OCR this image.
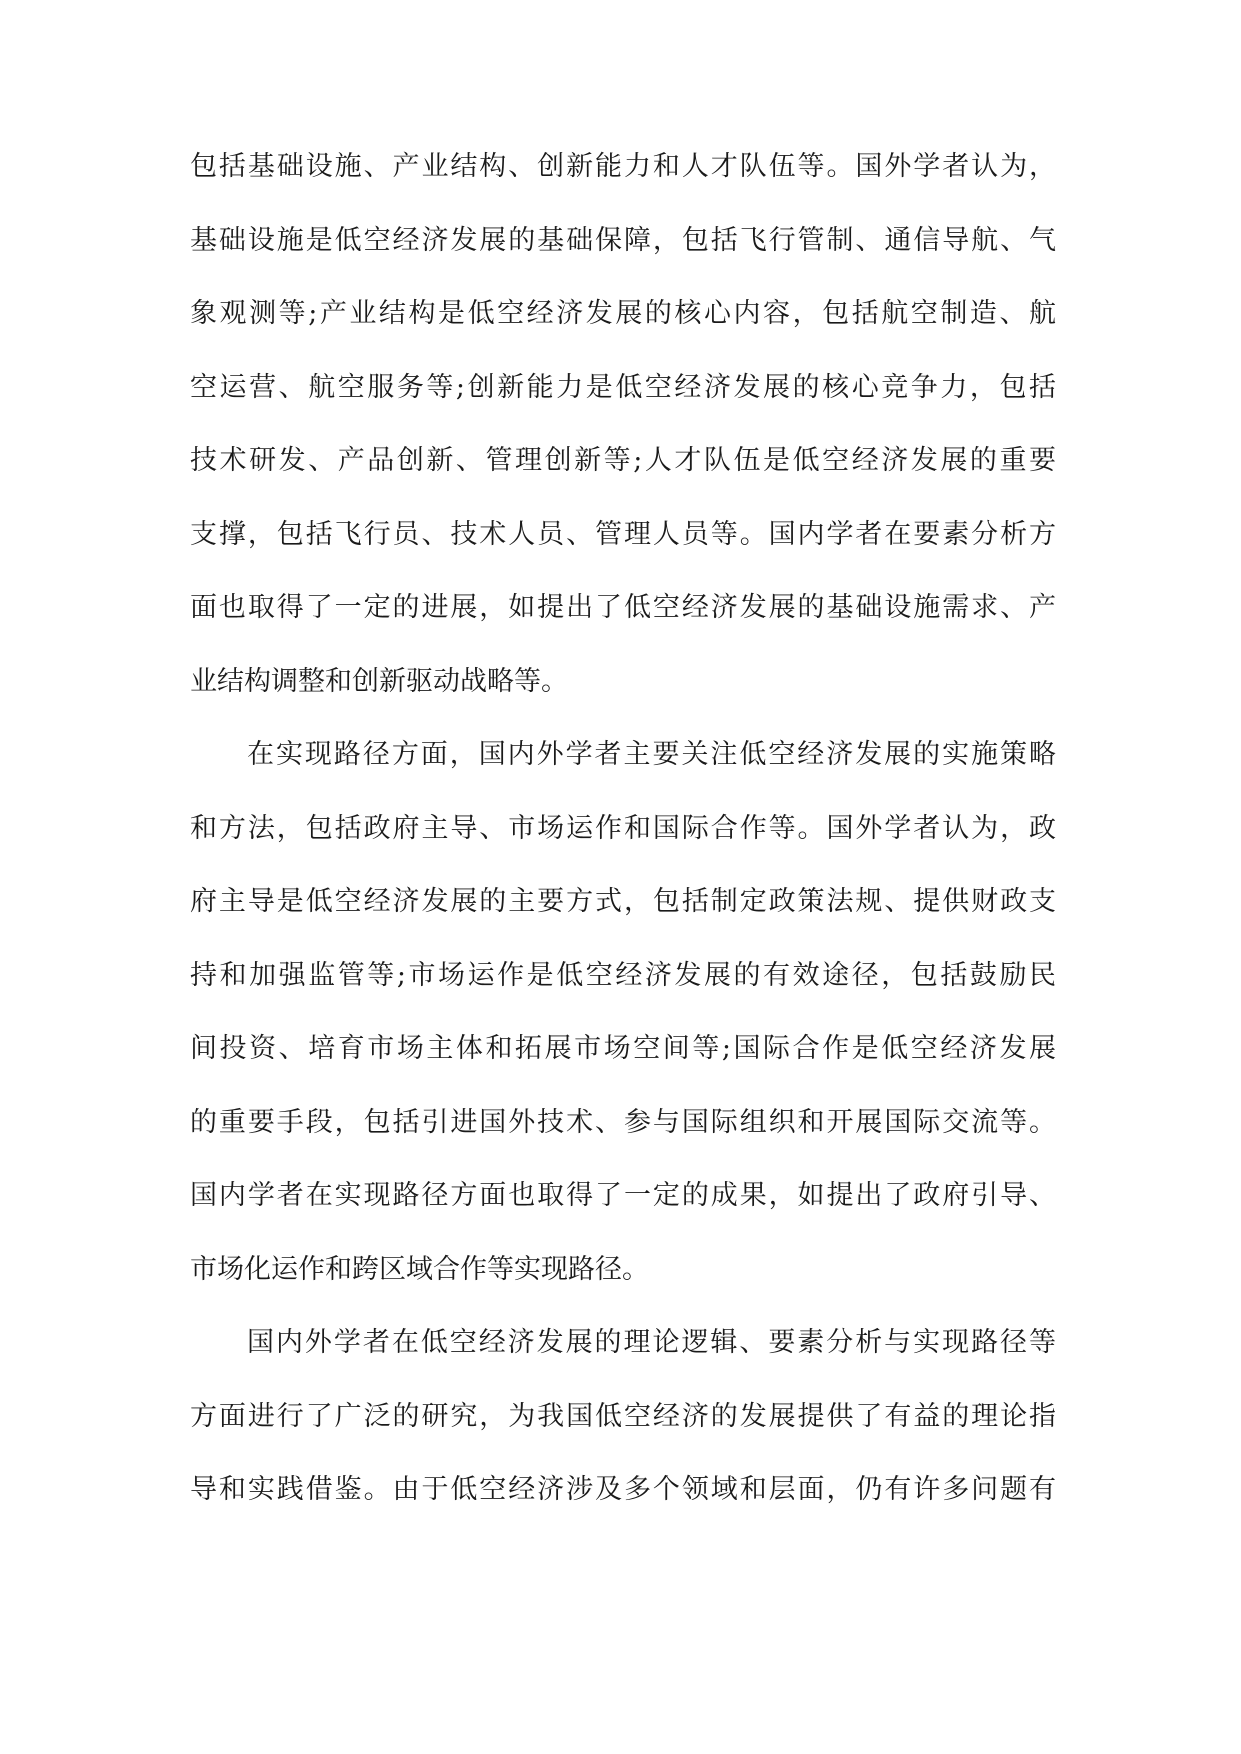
包括基础设施、产业结构、创新能力和人才队伍等。国外学者认为，
基础设施是低空经济发展的基础保障，包括飞行管制、通信导航、气
象观测等;产业结构是低空经济发展的核心内容，包括航空制造、航
空运营、航空服务等;创新能力是低空经济发展的核心竞争力，包括
技术研发、产品创新、管理创新等;人才队伍是低空经济发展的重要
支撑，包括飞行员、技术人员、管理人员等。国内学者在要素分析方
面也取得了一定的进展，如提出了低空经济发展的基础设施需求、产
业结构调整和创新驱动战略等。
在实现路径方面，国内外学者主要关注低空经济发展的实施策略
和方法，包括政府主导、市场运作和国际合作等。国外学者认为，政
府主导是低空经济发展的主要方式，包括制定政策法规、提供财政支
持和加强监管等;市场运作是低空经济发展的有效途径，包括鼓励民
间投资、培育市场主体和拓展市场空间等;国际合作是低空经济发展
的重要手段，包括引进国外技术、参与国际组织和开展国际交流等。
国内学者在实现路径方面也取得了一定的成果，如提出了政府引导、
市场化运作和跨区域合作等实现路径。
国内外学者在低空经济发展的理论逻辑、要素分析与实现路径等
方面进行了广泛的研究，为我国低空经济的发展提供了有益的理论指
导和实践借鉴。由于低空经济涉及多个领域和层面，仍有许多问题有
